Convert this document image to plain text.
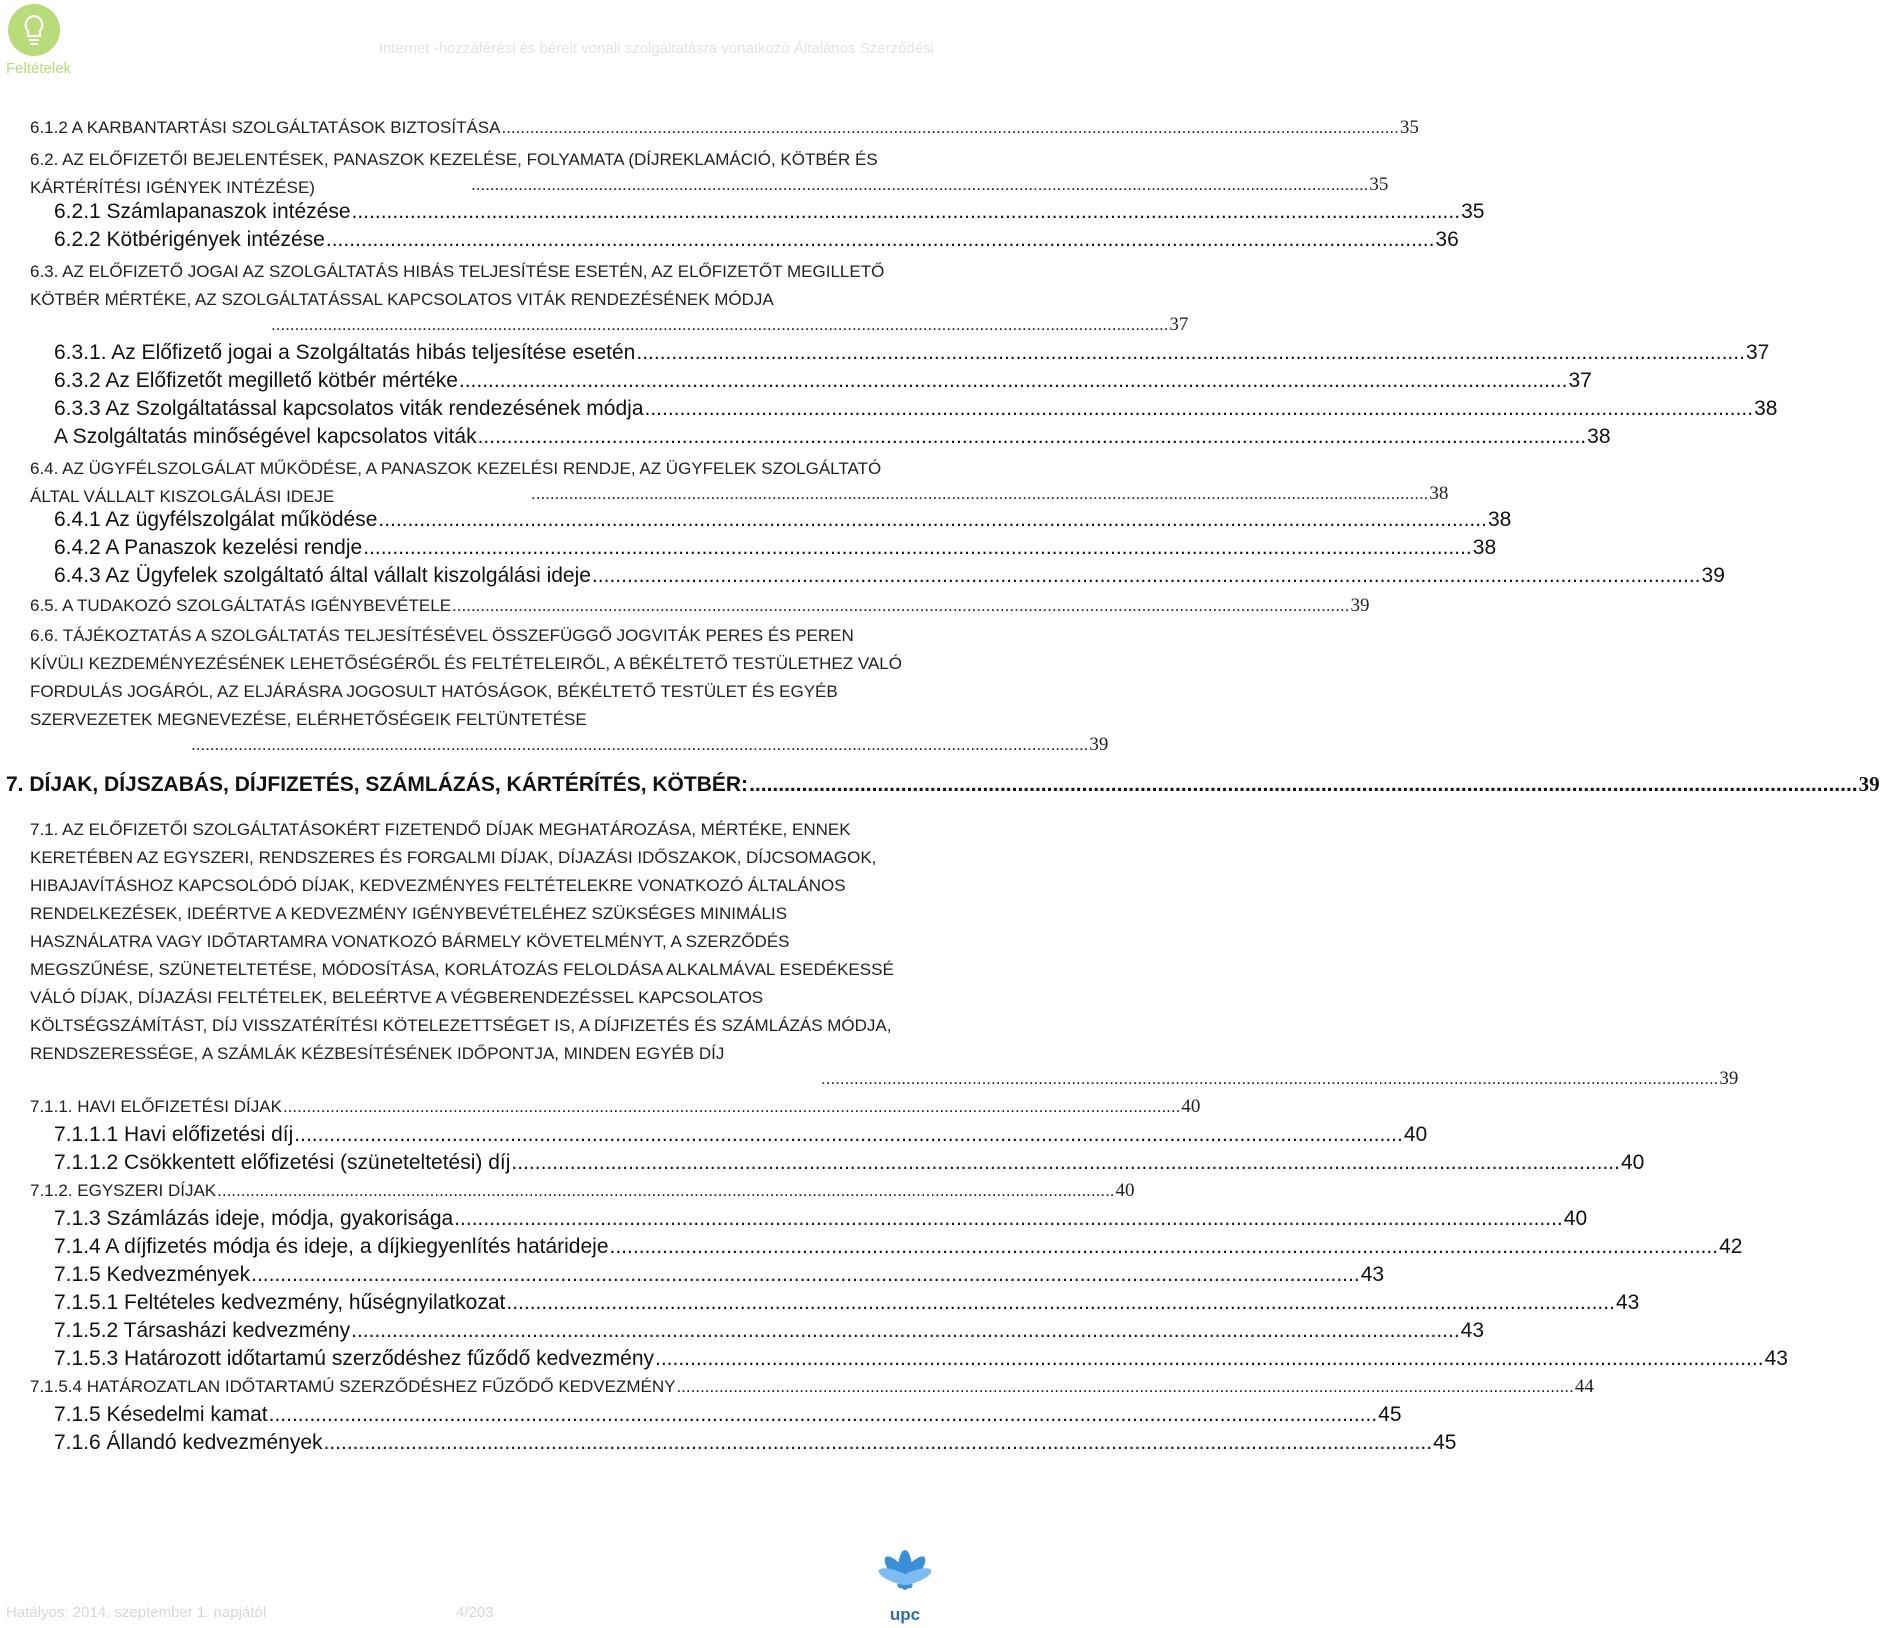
Feltételek
Internet -hozzáférési és bérelt vonali szolgáltatásra vonatkozó Általános Szerződési
6.1.2 A KARBANTARTÁSI SZOLGÁLTATÁSOK BIZTOSÍTÁSA .............................................................................................................................................................................................. 35
6.2. AZ ELŐFIZETŐI BEJELENTÉSEK, PANASZOK KEZELÉSE, FOLYAMATA (DÍJREKLAMÁCIÓ, KÖTBÉR ÉS KÁRTÉRÍTÉSI IGÉNYEK INTÉZÉSE)	.............................................................................................................................................................................................. 35
6.2.1 Számlapanaszok intézése .............................................................................................................................................................................................. 35
6.2.2 Kötbérigények intézése .............................................................................................................................................................................................. 36
6.3. AZ ELŐFIZETŐ JOGAI AZ SZOLGÁLTATÁS HIBÁS TELJESÍTÉSE ESETÉN, AZ ELŐFIZETŐT MEGILLETŐ KÖTBÉR MÉRTÉKE, AZ SZOLGÁLTATÁSSAL KAPCSOLATOS VITÁK RENDEZÉSÉNEK MÓDJA
.............................................................................................................................................................................................. 37
6.3.1. Az Előfizető jogai a Szolgáltatás hibás teljesítése esetén .............................................................................................................................................................................................. 37
6.3.2 Az Előfizetőt megillető kötbér mértéke .............................................................................................................................................................................................. 37
6.3.3 Az Szolgáltatással kapcsolatos viták rendezésének módja .............................................................................................................................................................................................. 38
A Szolgáltatás minőségével kapcsolatos viták .............................................................................................................................................................................................. 38
6.4. AZ ÜGYFÉLSZOLGÁLAT MŰKÖDÉSE, A PANASZOK KEZELÉSI RENDJE, AZ ÜGYFELEK SZOLGÁLTATÓ ÁLTAL VÁLLALT KISZOLGÁLÁSI IDEJE	.............................................................................................................................................................................................. 38
6.4.1 Az ügyfélszolgálat működése .............................................................................................................................................................................................. 38
6.4.2 A Panaszok kezelési rendje .............................................................................................................................................................................................. 38
6.4.3 Az Ügyfelek szolgáltató által vállalt kiszolgálási ideje .............................................................................................................................................................................................. 39
6.5. A TUDAKOZÓ SZOLGÁLTATÁS IGÉNYBEVÉTELE .............................................................................................................................................................................................. 39
6.6. TÁJÉKOZTATÁS A SZOLGÁLTATÁS TELJESÍTÉSÉVEL ÖSSZEFÜGGŐ JOGVITÁK PERES ÉS PEREN KÍVÜLI KEZDEMÉNYEZÉSÉNEK LEHETŐSÉGÉRŐL ÉS FELTÉTELEIRŐL, A BÉKÉLTETŐ TESTÜLETHEZ VALÓ FORDULÁS JOGÁRÓL, AZ ELJÁRÁSRA JOGOSULT HATÓSÁGOK, BÉKÉLTETŐ TESTÜLET ÉS EGYÉB SZERVEZETEK MEGNEVEZÉSE, ELÉRHETŐSÉGEIK FELTÜNTETÉSE
.............................................................................................................................................................................................. 39
7. DÍJAK, DÍJSZABÁS, DÍJFIZETÉS, SZÁMLÁZÁS, KÁRTÉRÍTÉS, KÖTBÉR: .............................................................................................................................................................................................. 39
7.1. AZ ELŐFIZETŐI SZOLGÁLTATÁSOKÉRT FIZETENDŐ DÍJAK MEGHATÁROZÁSA, MÉRTÉKE, ENNEK KERETÉBEN AZ EGYSZERI, RENDSZERES ÉS FORGALMI DÍJAK, DÍJAZÁSI IDŐSZAKOK, DÍJCSOMAGOK, HIBAJAVÍTÁSHOZ KAPCSOLÓDÓ DÍJAK, KEDVEZMÉNYES FELTÉTELEKRE VONATKOZÓ ÁLTALÁNOS RENDELKEZÉSEK, IDEÉRTVE A KEDVEZMÉNY IGÉNYBEVÉTELÉHEZ SZÜKSÉGES MINIMÁLIS HASZNÁLATRA VAGY IDŐTARTAMRA VONATKOZÓ BÁRMELY KÖVETELMÉNYT, A SZERZŐDÉS MEGSZŰNÉSE, SZÜNETELTETÉSE, MÓDOSÍTÁSA, KORLÁTOZÁS FELOLDÁSA ALKALMÁVAL ESEDÉKESSÉ VÁLÓ DÍJAK, DÍJAZÁSI FELTÉTELEK, BELEÉRTVE A VÉGBERENDEZÉSSEL KAPCSOLATOS KÖLTSÉGSZÁMÍTÁST, DÍJ VISSZATÉRÍTÉSI KÖTELEZETTSÉGET IS, A DÍJFIZETÉS ÉS SZÁMLÁZÁS MÓDJA, RENDSZERESSÉGE, A SZÁMLÁK KÉZBESÍTÉSÉNEK IDŐPONTJA, MINDEN EGYÉB DÍJ
.............................................................................................................................................................................................. 39
7.1.1. HAVI ELŐFIZETÉSI DÍJAK .............................................................................................................................................................................................. 40
7.1.1.1 Havi előfizetési díj .............................................................................................................................................................................................. 40
7.1.1.2 Csökkentett előfizetési (szüneteltetési) díj .............................................................................................................................................................................................. 40
7.1.2. EGYSZERI DÍJAK .............................................................................................................................................................................................. 40
7.1.3 Számlázás ideje, módja, gyakorisága .............................................................................................................................................................................................. 40
7.1.4 A díjfizetés módja és ideje, a díjkiegyenlítés határideje .............................................................................................................................................................................................. 42
7.1.5 Kedvezmények .............................................................................................................................................................................................. 43
7.1.5.1 Feltételes kedvezmény, hűségnyilatkozat .............................................................................................................................................................................................. 43
7.1.5.2 Társasházi kedvezmény .............................................................................................................................................................................................. 43
7.1.5.3 Határozott időtartamú szerződéshez fűződő kedvezmény .............................................................................................................................................................................................. 43
7.1.5.4 HATÁROZATLAN IDŐTARTAMÚ SZERZŐDÉSHEZ FŰZŐDŐ KEDVEZMÉNY .............................................................................................................................................................................................. 44
7.1.5 Késedelmi kamat .............................................................................................................................................................................................. 45
7.1.6 Állandó kedvezmények .............................................................................................................................................................................................. 45
Hatályos: 2014. szeptember 1. napjától	4/203	upc
